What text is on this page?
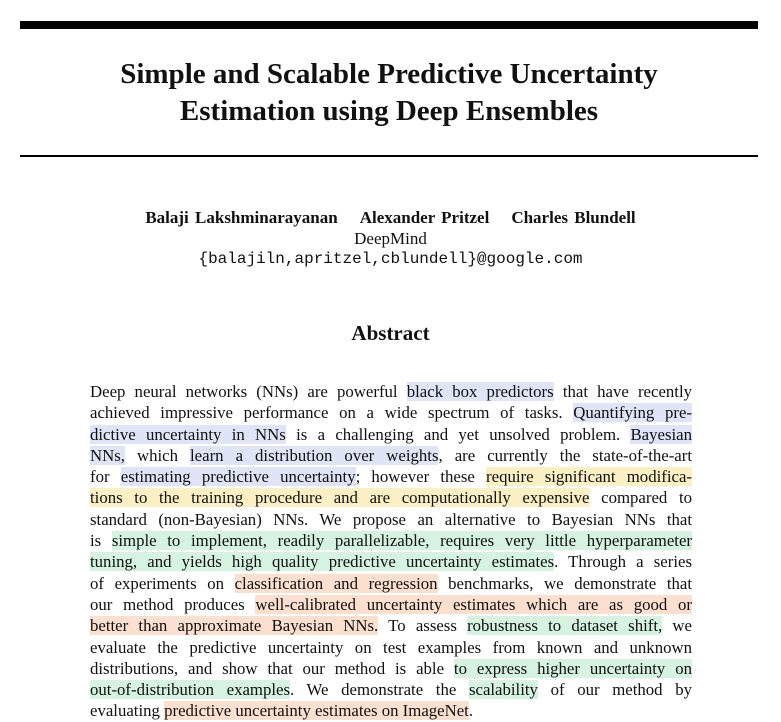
Simple and Scalable Predictive Uncertainty
Estimation using Deep Ensembles
Balaji Lakshminarayanan Alexander Pritzel Charles Blundell
DeepMind
{balajiln,apritzel,cblundell}@google.com
Abstract
Deep neural networks (NNs) are powerful black box predictors that have recently
achieved impressive performance on a wide spectrum of tasks. Quantifying pre-
dictive uncertainty in NNs is a challenging and yet unsolved problem. Bayesian
NNs, which learn a distribution over weights, are currently the state-of-the-art
for estimating predictive uncertainty; however these require significant modifica-
tions to the training procedure and are computationally expensive compared to
standard (non-Bayesian) NNs. We propose an alternative to Bayesian NNs that
is simple to implement, readily parallelizable, requires very little hyperparameter
tuning, and yields high quality predictive uncertainty estimates. Through a series
of experiments on classification and regression benchmarks, we demonstrate that
our method produces well-calibrated uncertainty estimates which are as good or
better than approximate Bayesian NNs. To assess robustness to dataset shift, we
evaluate the predictive uncertainty on test examples from known and unknown
distributions, and show that our method is able to express higher uncertainty on
out-of-distribution examples. We demonstrate the scalability of our method by
evaluating predictive uncertainty estimates on ImageNet.
